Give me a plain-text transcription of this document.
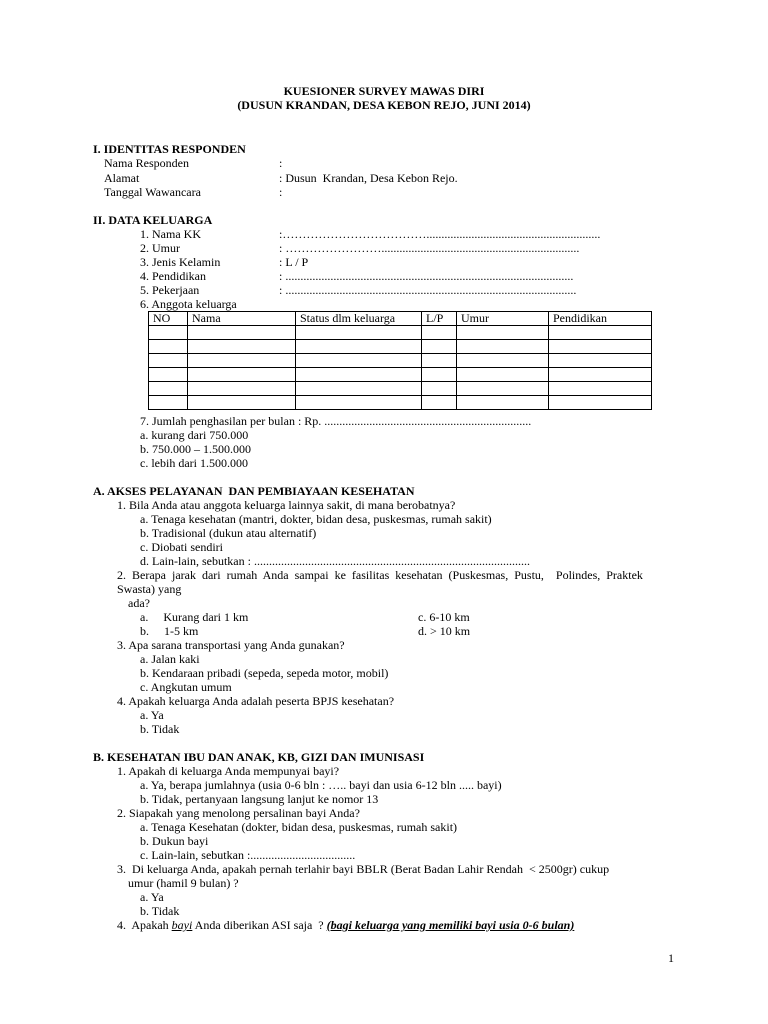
KUESIONER SURVEY MAWAS DIRI
(DUSUN KRANDAN, DESA KEBON REJO, JUNI 2014)
I. IDENTITAS RESPONDEN
Nama Responden	:
Alamat	: Dusun  Krandan, Desa Kebon Rejo.
Tanggal Wawancara	:
II. DATA KELUARGA
1. Nama KK	:………………………………..........................................................
2. Umur	: ……………………..................................................................
3. Jenis Kelamin	: L / P
4. Pendidikan	: ................................................................................................
5. Pekerjaan	: .................................................................................................
6. Anggota keluarga
NO	Nama	Status dlm keluarga	L/P	Umur	Pendidikan

7. Jumlah penghasilan per bulan : Rp. .....................................................................
a. kurang dari 750.000
b. 750.000 – 1.500.000
c. lebih dari 1.500.000
A. AKSES PELAYANAN  DAN PEMBIAYAAN KESEHATAN
1. Bila Anda atau anggota keluarga lainnya sakit, di mana berobatnya?
a. Tenaga kesehatan (mantri, dokter, bidan desa, puskesmas, rumah sakit)
b. Tradisional (dukun atau alternatif)
c. Diobati sendiri
d. Lain-lain, sebutkan : ............................................................................................
2.  Berapa  jarak  dari  rumah  Anda  sampai  ke  fasilitas  kesehatan  (Puskesmas,  Pustu,    Polindes,  Praktek
Swasta) yang
ada?
a.     Kurang dari 1 km	c. 6-10 km
b.     1-5 km	d. > 10 km
3. Apa sarana transportasi yang Anda gunakan?
a. Jalan kaki
b. Kendaraan pribadi (sepeda, sepeda motor, mobil)
c. Angkutan umum
4. Apakah keluarga Anda adalah peserta BPJS kesehatan?
a. Ya
b. Tidak
B. KESEHATAN IBU DAN ANAK, KB, GIZI DAN IMUNISASI
1. Apakah di keluarga Anda mempunyai bayi?
a. Ya, berapa jumlahnya (usia 0-6 bln : ….. bayi dan usia 6-12 bln ..... bayi)
b. Tidak, pertanyaan langsung lanjut ke nomor 13
2. Siapakah yang menolong persalinan bayi Anda?
a. Tenaga Kesehatan (dokter, bidan desa, puskesmas, rumah sakit)
b. Dukun bayi
c. Lain-lain, sebutkan :...................................
3.  Di keluarga Anda, apakah pernah terlahir bayi BBLR (Berat Badan Lahir Rendah  < 2500gr) cukup
umur (hamil 9 bulan) ?
a. Ya
b. Tidak
4.  Apakah bayi Anda diberikan ASI saja  ? (bagi keluarga yang memiliki bayi usia 0-6 bulan)
1
